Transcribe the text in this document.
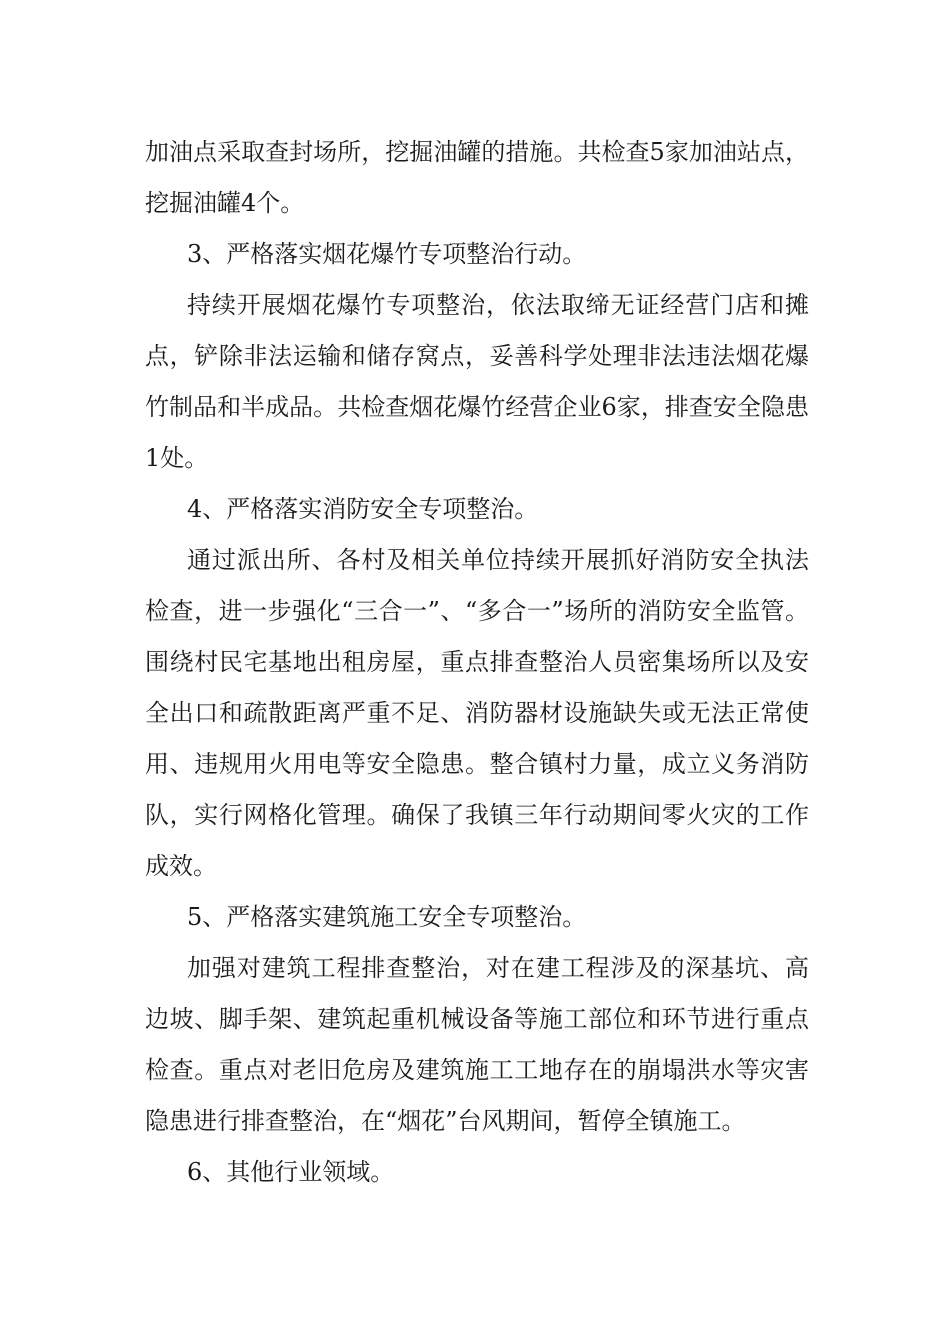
加油点采取查封场所，挖掘油罐的措施。共检查5家加油站点，挖掘油罐4个。

3、严格落实烟花爆竹专项整治行动。

持续开展烟花爆竹专项整治，依法取缔无证经营门店和摊点，铲除非法运输和储存窝点，妥善科学处理非法违法烟花爆竹制品和半成品。共检查烟花爆竹经营企业6家，排查安全隐患1处。

4、严格落实消防安全专项整治。

通过派出所、各村及相关单位持续开展抓好消防安全执法检查，进一步强化“三合一”、“多合一”场所的消防安全监管。围绕村民宅基地出租房屋，重点排查整治人员密集场所以及安全出口和疏散距离严重不足、消防器材设施缺失或无法正常使用、违规用火用电等安全隐患。整合镇村力量，成立义务消防队，实行网格化管理。确保了我镇三年行动期间零火灾的工作成效。

5、严格落实建筑施工安全专项整治。

加强对建筑工程排查整治，对在建工程涉及的深基坑、高边坡、脚手架、建筑起重机械设备等施工部位和环节进行重点检查。重点对老旧危房及建筑施工工地存在的崩塌洪水等灾害隐患进行排查整治，在“烟花”台风期间，暂停全镇施工。

6、其他行业领域。
